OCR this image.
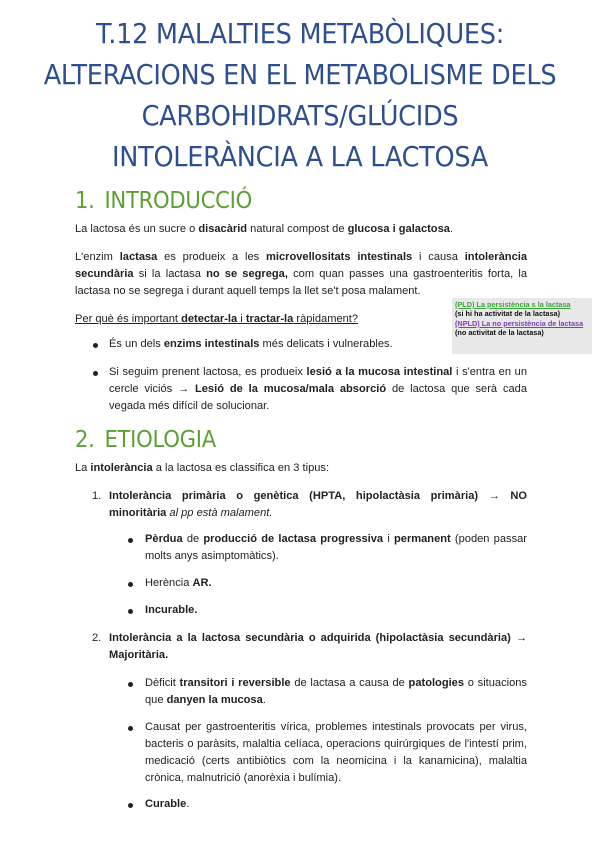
T.12 MALALTIES METABÒLIQUES:
ALTERACIONS EN EL METABOLISME DELS
CARBOHIDRATS/GLÚCIDS
INTOLERÀNCIA A LA LACTOSA
1. INTRODUCCIÓ
La lactosa és un sucre o disacàrid natural compost de glucosa i galactosa.
L'enzim lactasa es produeix a les microvellositats intestinals i causa intolerància secundària si la lactasa no se segrega, com quan passes una gastroenteritis forta, la lactasa no se segrega i durant aquell temps la llet se't posa malament.
Per què és important detectar-la i tractar-la ràpidament?
(PLD) La persistència s la lactasa
(si hi ha activitat de la lactasa)
(NPLD) La no persistència de lactasa
(no activitat de la lactasa)
És un dels enzims intestinals més delicats i vulnerables.
Si seguim prenent lactosa, es produeix lesió a la mucosa intestinal i s'entra en un cercle viciós → Lesió de la mucosa/mala absorció de lactosa que serà cada vegada més difícil de solucionar.
2. ETIOLOGIA
La intolerància a la lactosa es classifica en 3 tipus:
1. Intolerància primària o genètica (HPTA, hipolactàsia primària) → NO minoritària al pp està malament.
Pèrdua de producció de lactasa progressiva i permanent (poden passar molts anys asimptomàtics).
Herència AR.
Incurable.
2. Intolerància a la lactosa secundària o adquirida (hipolactàsia secundària) → Majoritària.
Dèficit transitori i reversible de lactasa a causa de patologies o situacions que danyen la mucosa.
Causat per gastroenteritis vírica, problemes intestinals provocats per virus, bacteris o paràsits, malaltia celíaca, operacions quirúrgiques de l'intestí prim, medicació (certs antibiòtics com la neomicina i la kanamicina), malaltia crònica, malnutrició (anorèxia i bulímia).
Curable.
